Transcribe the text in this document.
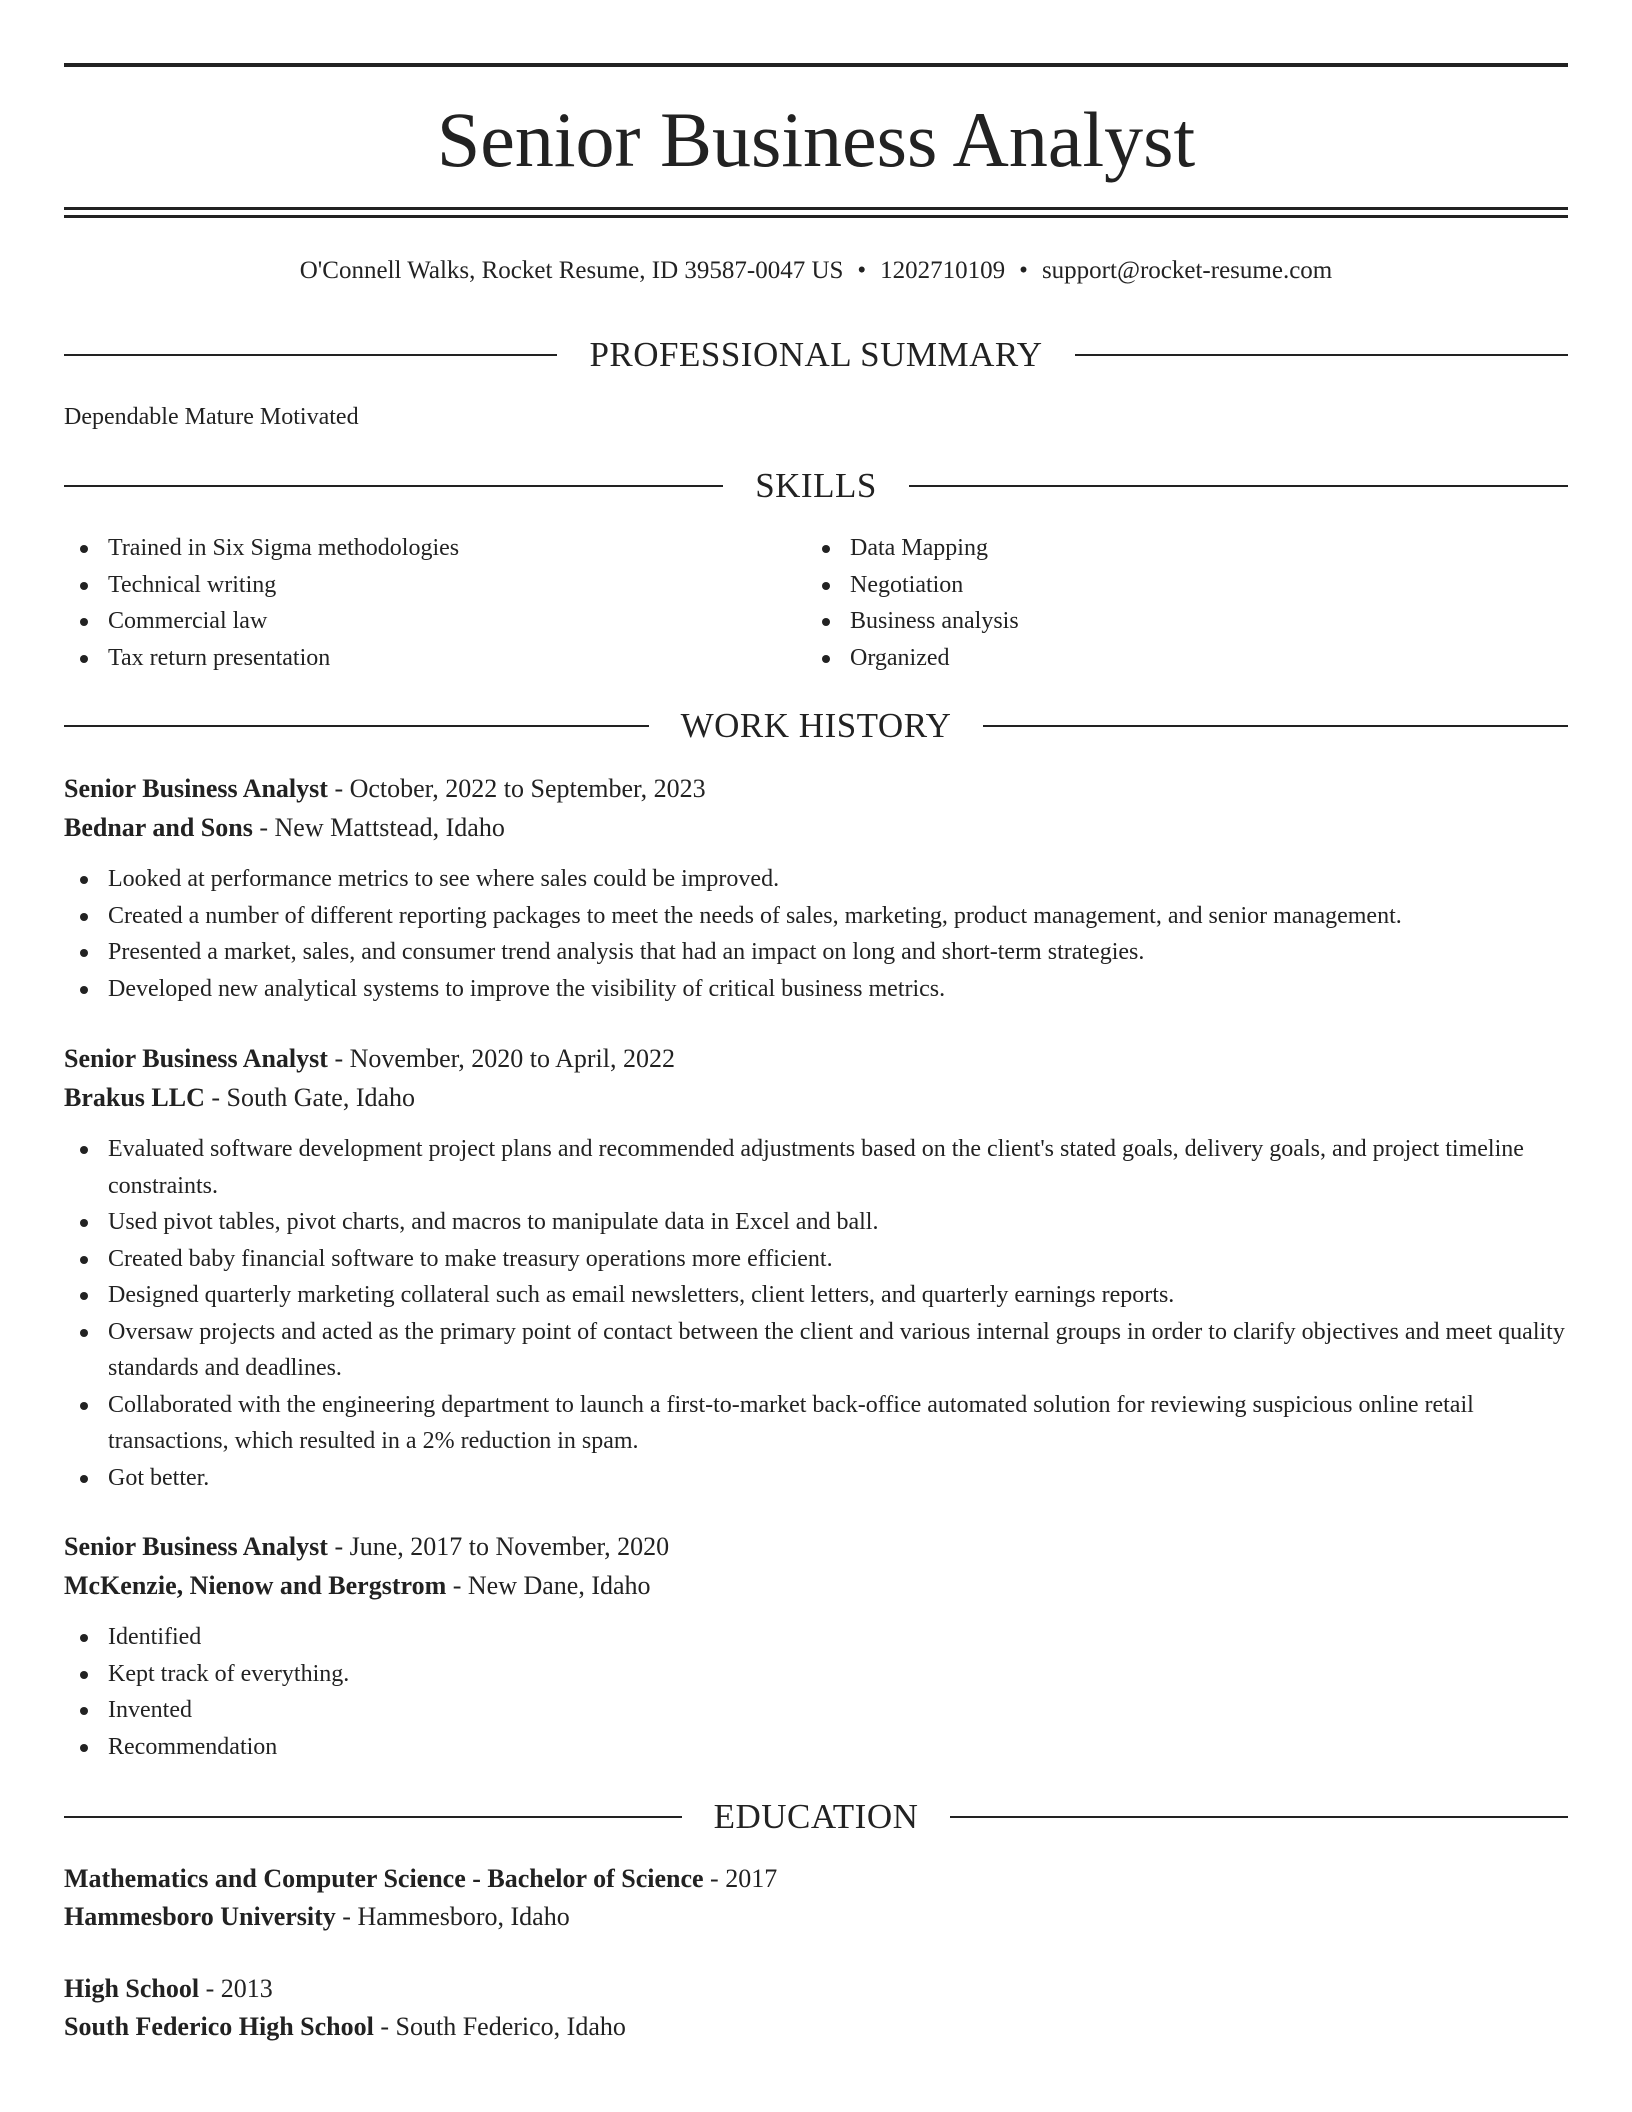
Senior Business Analyst
O'Connell Walks, Rocket Resume, ID 39587-0047 US • 1202710109 • support@rocket-resume.com
PROFESSIONAL SUMMARY
Dependable Mature Motivated
SKILLS
Trained in Six Sigma methodologies
Technical writing
Commercial law
Tax return presentation
Data Mapping
Negotiation
Business analysis
Organized
WORK HISTORY
Senior Business Analyst - October, 2022 to September, 2023
Bednar and Sons - New Mattstead, Idaho
Looked at performance metrics to see where sales could be improved.
Created a number of different reporting packages to meet the needs of sales, marketing, product management, and senior management.
Presented a market, sales, and consumer trend analysis that had an impact on long and short-term strategies.
Developed new analytical systems to improve the visibility of critical business metrics.
Senior Business Analyst - November, 2020 to April, 2022
Brakus LLC - South Gate, Idaho
Evaluated software development project plans and recommended adjustments based on the client's stated goals, delivery goals, and project timeline constraints.
Used pivot tables, pivot charts, and macros to manipulate data in Excel and ball.
Created baby financial software to make treasury operations more efficient.
Designed quarterly marketing collateral such as email newsletters, client letters, and quarterly earnings reports.
Oversaw projects and acted as the primary point of contact between the client and various internal groups in order to clarify objectives and meet quality standards and deadlines.
Collaborated with the engineering department to launch a first-to-market back-office automated solution for reviewing suspicious online retail transactions, which resulted in a 2% reduction in spam.
Got better.
Senior Business Analyst - June, 2017 to November, 2020
McKenzie, Nienow and Bergstrom - New Dane, Idaho
Identified
Kept track of everything.
Invented
Recommendation
EDUCATION
Mathematics and Computer Science - Bachelor of Science - 2017
Hammesboro University - Hammesboro, Idaho
High School - 2013
South Federico High School - South Federico, Idaho
